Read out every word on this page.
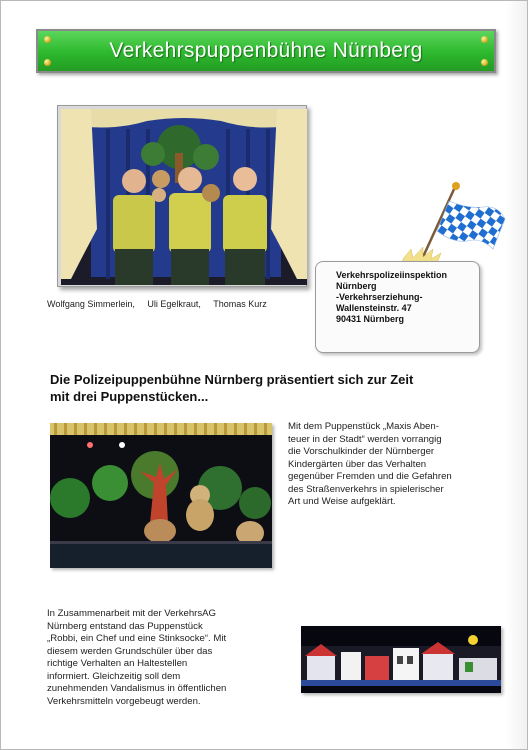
Verkehrspuppenbühne Nürnberg
Wolfgang Simmerlein, Uli Egelkraut, Thomas Kurz
Verkehrspolizeiinspektion
Nürnberg
-Verkehrserziehung-
Wallensteinstr. 47
90431 Nürnberg
Die Polizeipuppenbühne Nürnberg präsentiert sich zur Zeit
mit drei Puppenstücken...
Mit dem Puppenstück „Maxis Aben-
teuer in der Stadt“ werden vorrangig
die Vorschulkinder der Nürnberger
Kindergärten über das Verhalten
gegenüber Fremden und die Gefahren
des Straßenverkehrs in spielerischer
Art und Weise aufgeklärt.
In Zusammenarbeit mit der VerkehrsAG
Nürnberg entstand das Puppenstück
„Robbi, ein Chef und eine Stinksocke“. Mit
diesem werden Grundschüler über das
richtige Verhalten an Haltestellen
informiert. Gleichzeitig soll dem
zunehmenden Vandalismus in öffentlichen
Verkehrsmitteln vorgebeugt werden.
